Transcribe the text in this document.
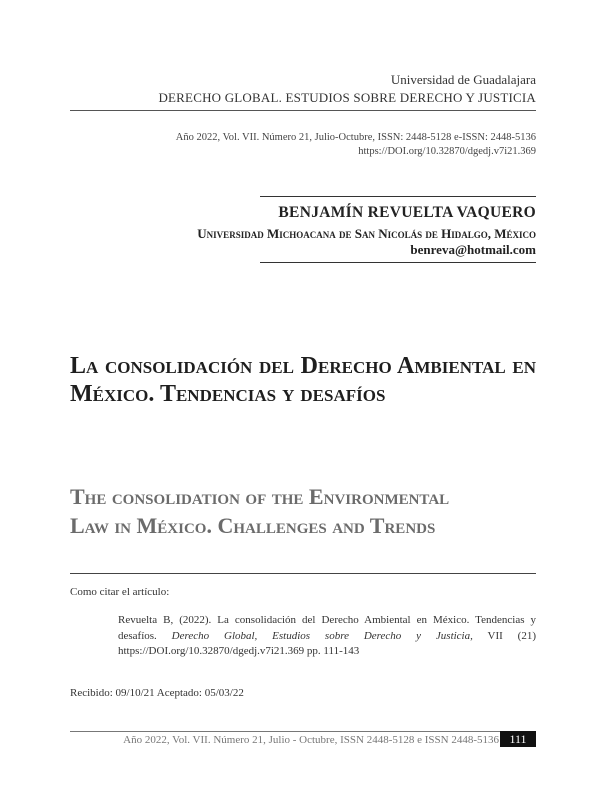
Universidad de Guadalajara
DERECHO GLOBAL. ESTUDIOS SOBRE DERECHO Y JUSTICIA
Año 2022, Vol. VII. Número 21, Julio-Octubre, ISSN: 2448-5128 e-ISSN: 2448-5136
https://DOI.org/10.32870/dgedj.v7i21.369
BENJAMÍN REVUELTA VAQUERO
Universidad Michoacana de San Nicolás de Hidalgo, México
benreva@hotmail.com
La consolidación del Derecho Ambiental en México. Tendencias y desafíos
The consolidation of the Environmental
Law in México. Challenges and Trends
Como citar el artículo:
Revuelta B, (2022). La consolidación del Derecho Ambiental en México. Tendencias y desafíos. Derecho Global, Estudios sobre Derecho y Justicia, VII (21) https://DOI.org/10.32870/dgedj.v7i21.369 pp. 111-143
Recibido: 09/10/21 Aceptado: 05/03/22
Año 2022, Vol. VII. Número 21, Julio - Octubre, ISSN 2448-5128 e ISSN 2448-5136 111
